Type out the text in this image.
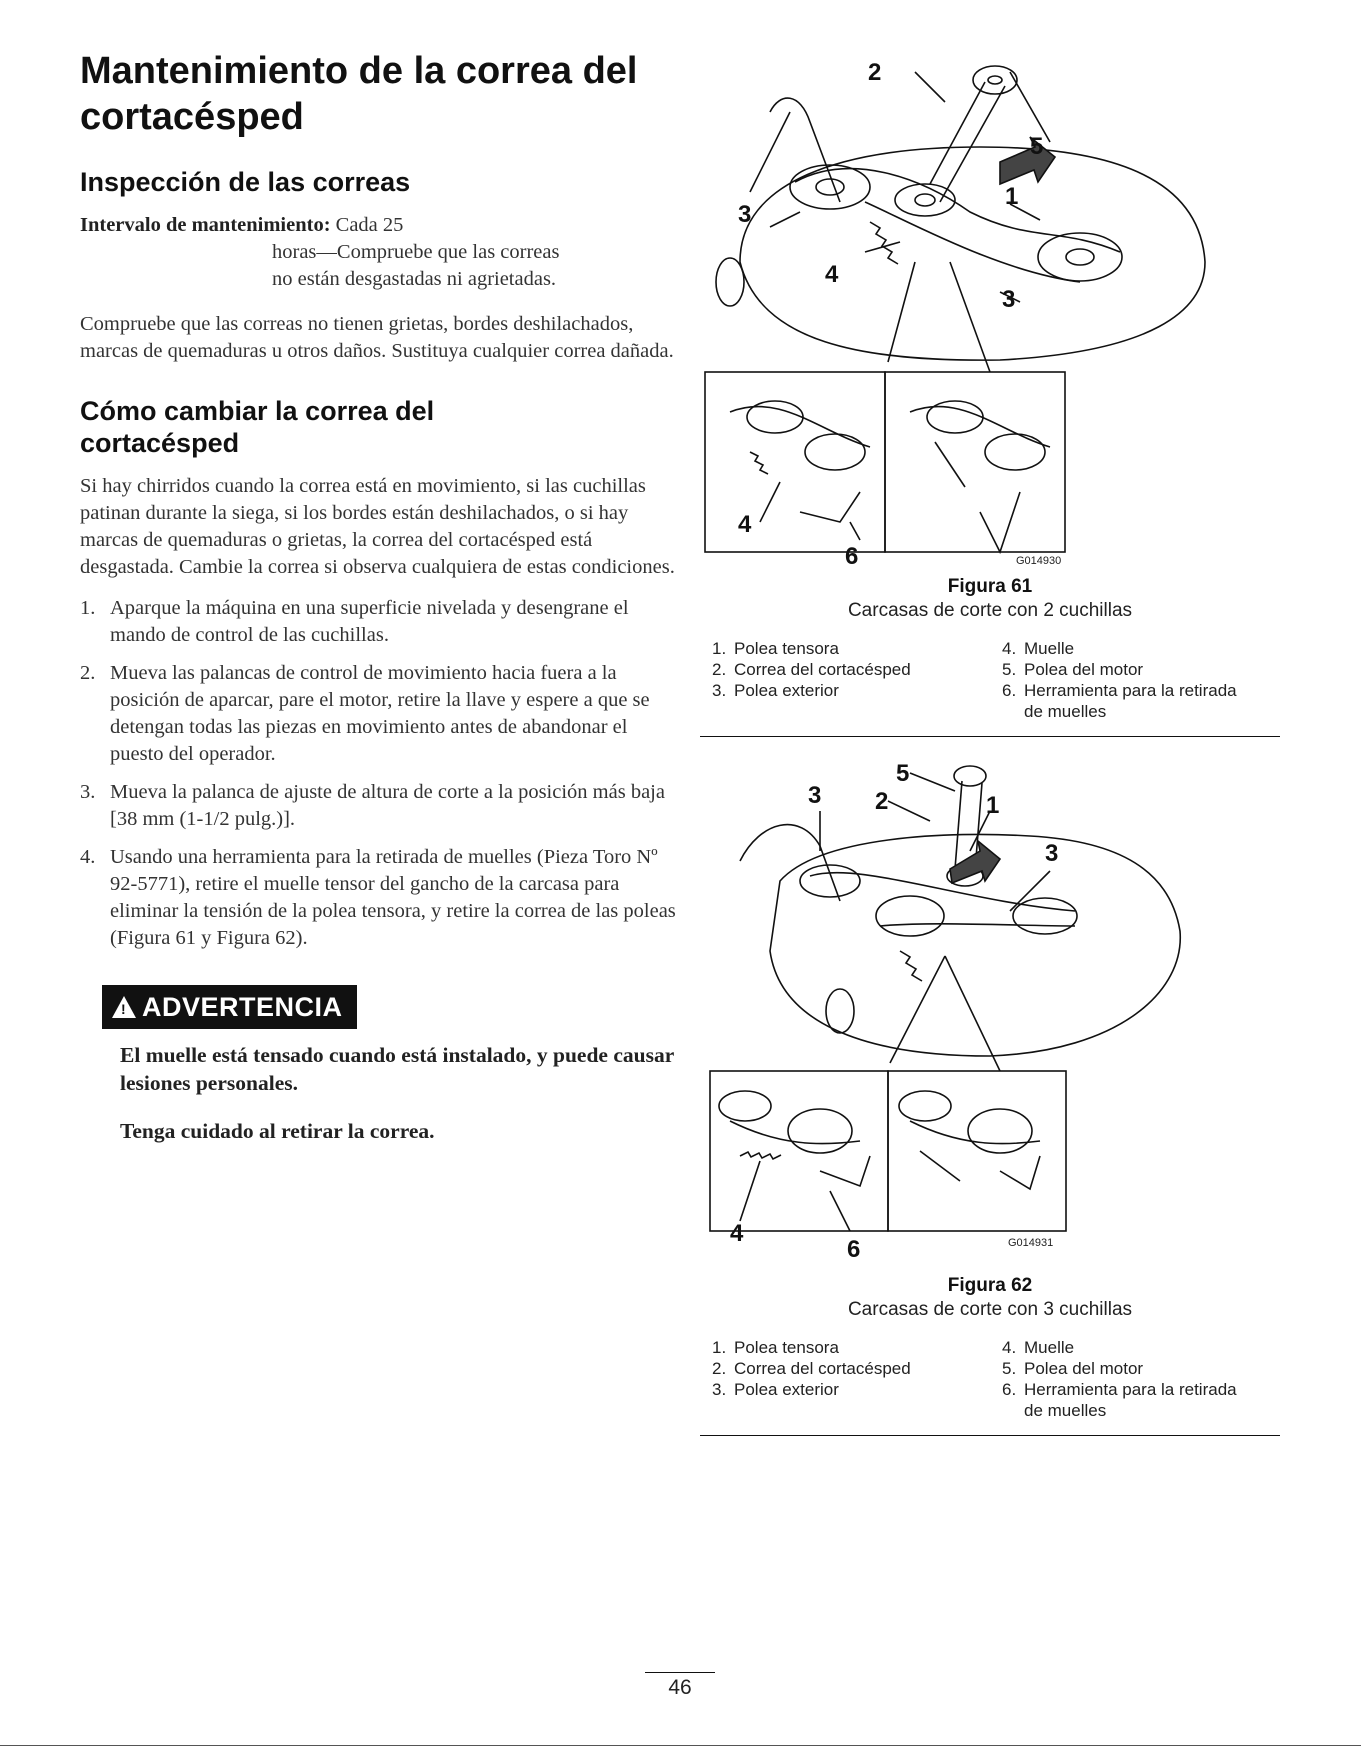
Mantenimiento de la correa del cortacésped
Inspección de las correas
Intervalo de mantenimiento: Cada 25
horas—Compruebe que las correas
no están desgastadas ni agrietadas.

Compruebe que las correas no tienen grietas, bordes deshilachados, marcas de quemaduras u otros daños. Sustituya cualquier correa dañada.

Cómo cambiar la correa del cortacésped

Si hay chirridos cuando la correa está en movimiento, si las cuchillas patinan durante la siega, si los bordes están deshilachados, o si hay marcas de quemaduras o grietas, la correa del cortacésped está desgastada. Cambie la correa si observa cualquiera de estas condiciones.

1. Aparque la máquina en una superficie nivelada y desengrane el mando de control de las cuchillas.
2. Mueva las palancas de control de movimiento hacia fuera a la posición de aparcar, pare el motor, retire la llave y espere a que se detengan todas las piezas en movimiento antes de abandonar el puesto del operador.
3. Mueva la palanca de ajuste de altura de corte a la posición más baja [38 mm (1-1/2 pulg.)].
4. Usando una herramienta para la retirada de muelles (Pieza Toro Nº 92-5771), retire el muelle tensor del gancho de la carcasa para eliminar la tensión de la polea tensora, y retire la correa de las poleas (Figura 61 y Figura 62).
! ADVERTENCIA

El muelle está tensado cuando está instalado, y puede causar lesiones personales.

Tenga cuidado al retirar la correa.

2
5
1
3
4
3
4
6	G014930
Figura 61
Carcasas de corte con 2 cuchillas
1. Polea tensora	4. Muelle
2. Correa del cortacésped	5. Polea del motor
3. Polea exterior	6. Herramienta para la retirada de muelles
3 2
5
1
3
4
6	G014931
Figura 62
Carcasas de corte con 3 cuchillas
1. Polea tensora	4. Muelle
2. Correa del cortacésped	5. Polea del motor
3. Polea exterior	6. Herramienta para la retirada de muelles
46
